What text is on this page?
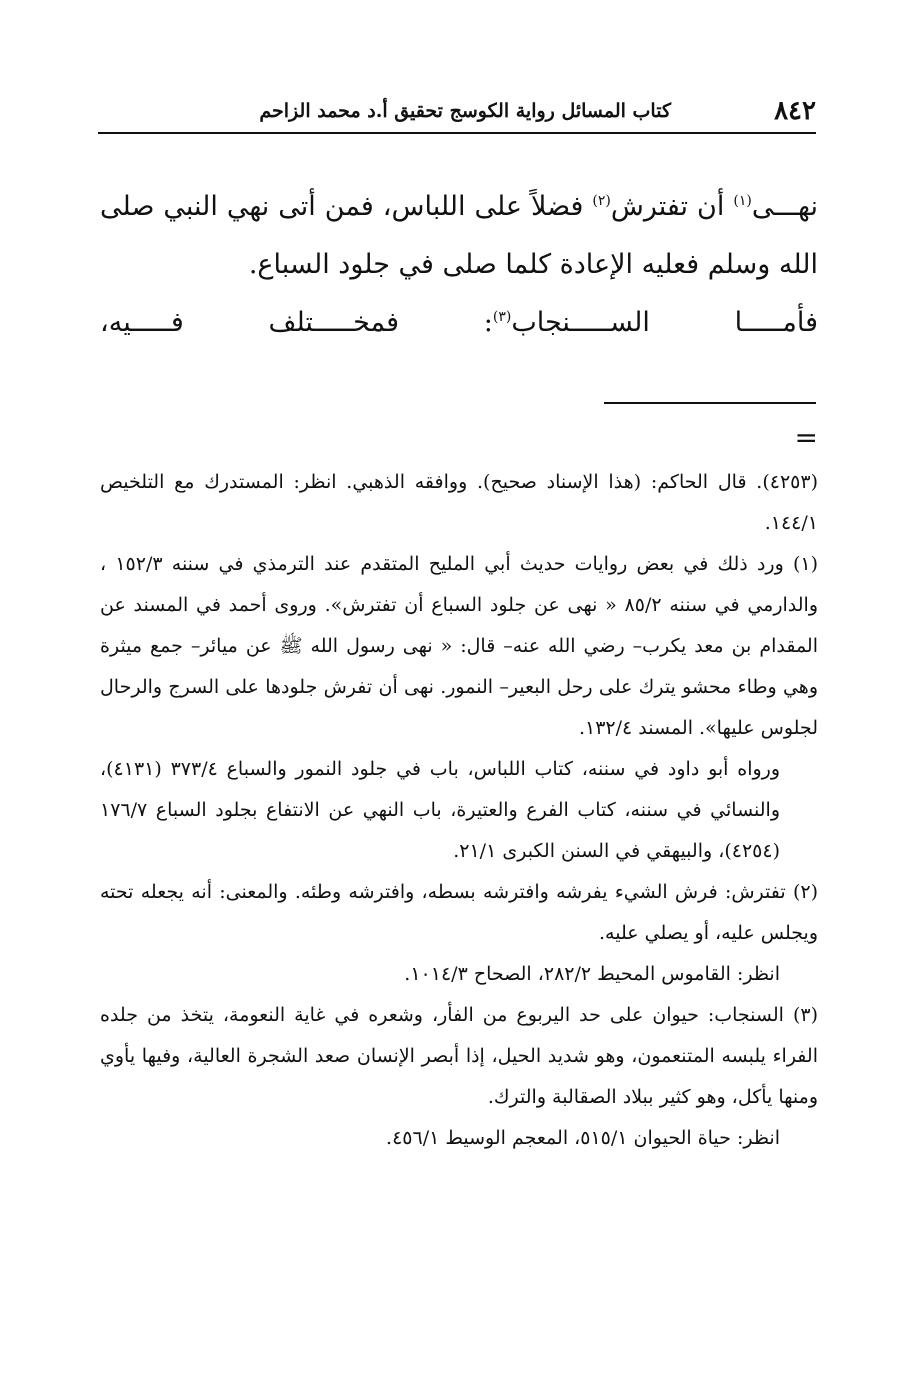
٨٤٢
كتاب المسائل رواية الكوسج تحقيق أ.د محمد الزاحم

نهـــى$^{(١)}$ أن تفترش$^{(٢)}$ فضلاً على اللباس، فمن أتى نهي النبي صلى الله وسلم فعليه الإعادة كلما صلى في جلود السباع.

فأمـــــا الســـــنجاب$^{(٣)}$: فمخـــــتلف فـــــيه،

=

(٤٢٥٣). قال الحاكم: (هذا الإسناد صحيح). ووافقه الذهبي. انظر: المستدرك مع التلخيص ١٤٤/١.

(١) ورد ذلك في بعض روايات حديث أبي المليح المتقدم عند الترمذي في سننه ١٥٢/٣ ، والدارمي في سننه ٨٥/٢ « نهى عن جلود السباع أن تفترش». وروى أحمد في المسند عن المقدام بن معد يكرب– رضي الله عنه– قال: « نهى رسول الله ﷺ عن ميائر– جمع ميثرة وهي وطاء محشو يترك على رحل البعير– النمور. نهى أن تفرش جلودها على السرج والرحال لجلوس عليها». المسند ١٣٢/٤.

ورواه أبو داود في سننه، كتاب اللباس، باب في جلود النمور والسباع ٣٧٣/٤ (٤١٣١)، والنسائي في سننه، كتاب الفرع والعتيرة، باب النهي عن الانتفاع بجلود السباع ١٧٦/٧ (٤٢٥٤)، والبيهقي في السنن الكبرى ٢١/١.

(٢) تفترش: فرش الشيء يفرشه وافترشه بسطه، وافترشه وطئه. والمعنى: أنه يجعله تحته ويجلس عليه، أو يصلي عليه.

انظر: القاموس المحيط ٢٨٢/٢، الصحاح ١٠١٤/٣.

(٣) السنجاب: حيوان على حد اليربوع من الفأر، وشعره في غاية النعومة، يتخذ من جلده الفراء يلبسه المتنعمون، وهو شديد الحيل، إذا أبصر الإنسان صعد الشجرة العالية، وفيها يأوي ومنها يأكل، وهو كثير ببلاد الصقالبة والترك.

انظر: حياة الحيوان ٥١٥/١، المعجم الوسيط ٤٥٦/١.
